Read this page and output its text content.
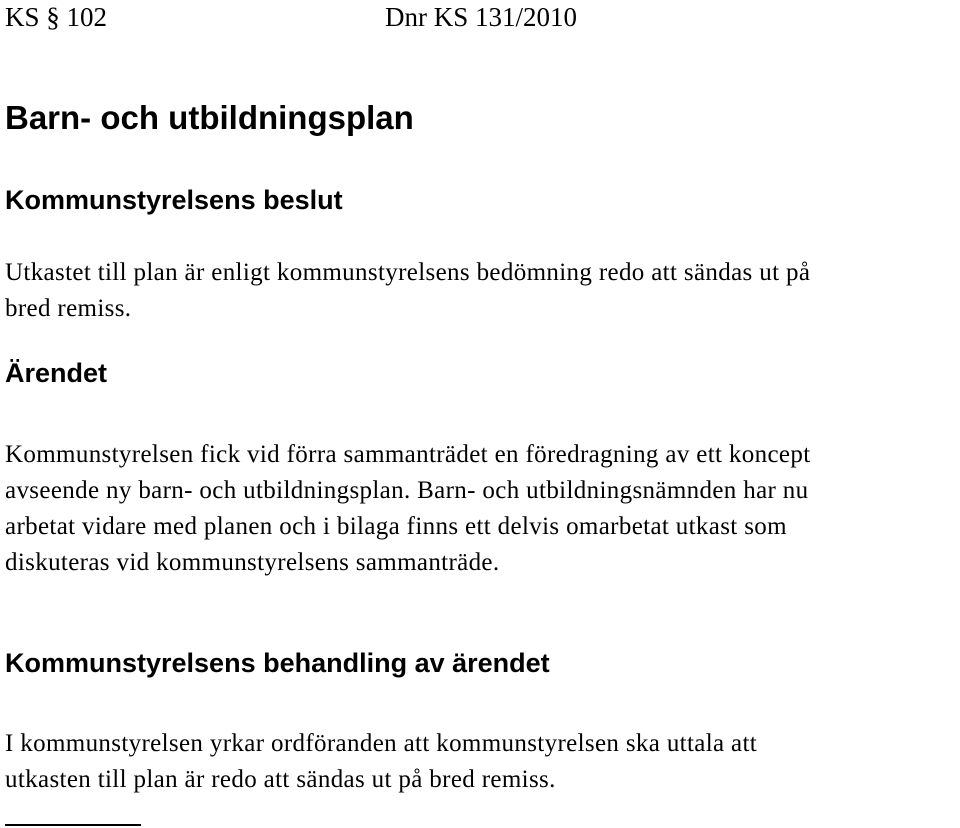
KS § 102	Dnr KS 131/2010
Barn- och utbildningsplan
Kommunstyrelsens beslut

Utkastet till plan är enligt kommunstyrelsens bedömning redo att sändas ut på
bred remiss.

Ärendet

Kommunstyrelsen fick vid förra sammanträdet en föredragning av ett koncept
avseende ny barn- och utbildningsplan. Barn- och utbildningsnämnden har nu
arbetat vidare med planen och i bilaga finns ett delvis omarbetat utkast som
diskuteras vid kommunstyrelsens sammanträde.

Kommunstyrelsens behandling av ärendet

I kommunstyrelsen yrkar ordföranden att kommunstyrelsen ska uttala att
utkasten till plan är redo att sändas ut på bred remiss.
